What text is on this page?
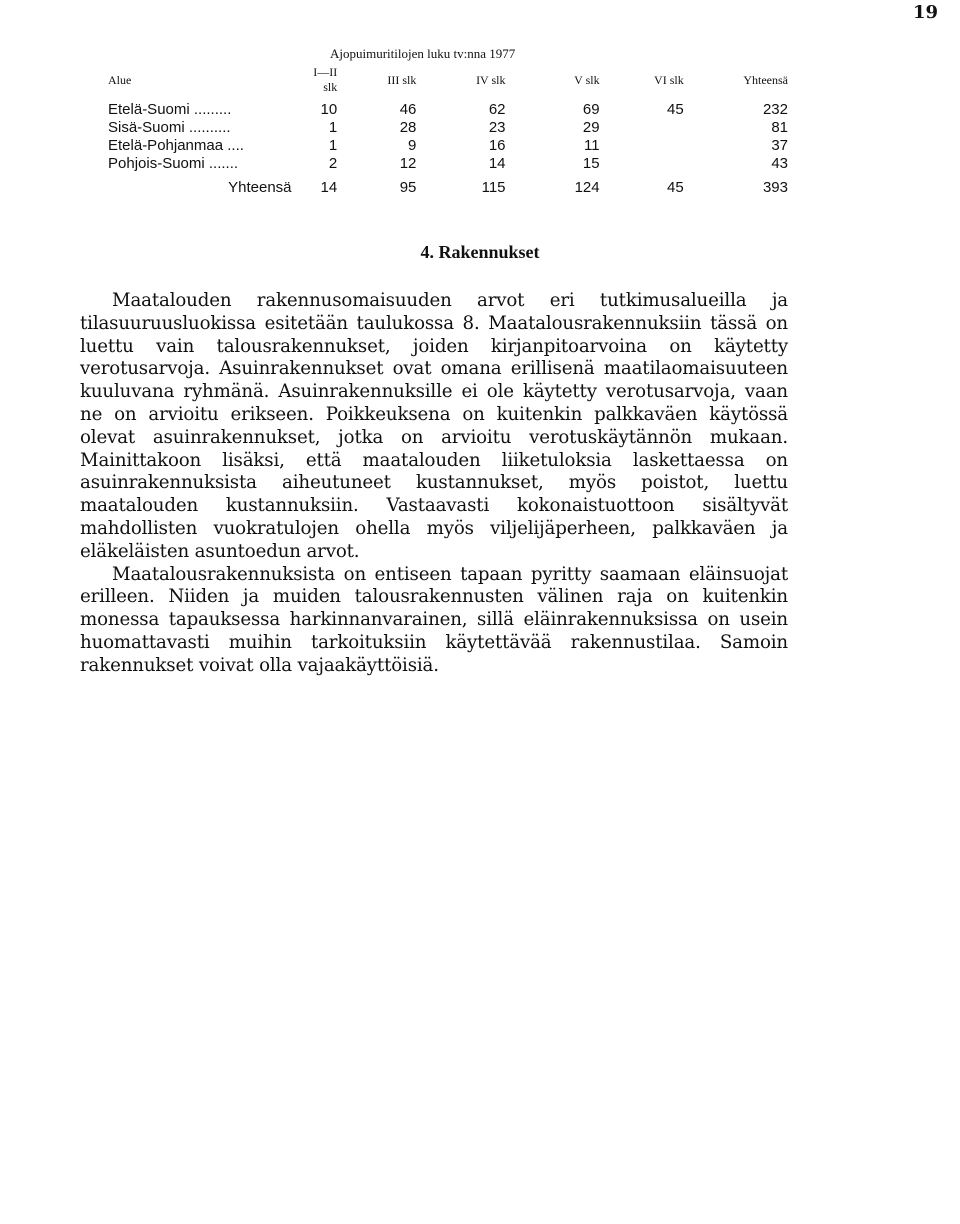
19
Ajopuimuritilojen luku tv:nna 1977
Alue	I—II slk	III slk	IV slk	V slk	VI slk	Yhteensä
Etelä-Suomi .........	10	46	62	69	45	232
Sisä-Suomi ..........	1	28	23	29		81
Etelä-Pohjanmaa ....	1	9	16	11		37
Pohjois-Suomi .......	2	12	14	15		43
Yhteensä	14	95	115	124	45	393
4. Rakennukset

Maatalouden rakennusomaisuuden arvot eri tutkimusalueilla ja tilasuuruusluokissa esitetään taulukossa 8. Maatalousrakennuksiin tässä on luettu vain talousrakennukset, joiden kirjanpitoarvoina on käytetty verotusarvoja. Asuinrakennukset ovat omana erillisenä maatilaomaisuuteen kuuluvana ryhmänä. Asuinrakennuksille ei ole käytetty verotusarvoja, vaan ne on arvioitu erikseen. Poikkeuksena on kuitenkin palkkaväen käytössä olevat asuinrakennukset, jotka on arvioitu verotuskäytännön mukaan. Mainittakoon lisäksi, että maatalouden liiketuloksia laskettaessa on asuinrakennuksista aiheutuneet kustannukset, myös poistot, luettu maatalouden kustannuksiin. Vastaavasti kokonaistuottoon sisältyvät mahdollisten vuokratulojen ohella myös viljelijäperheen, palkkaväen ja eläkeläisten asuntoedun arvot.

Maatalousrakennuksista on entiseen tapaan pyritty saamaan eläinsuojat erilleen. Niiden ja muiden talousrakennusten välinen raja on kuitenkin monessa tapauksessa harkinnanvarainen, sillä eläinrakennuksissa on usein huomattavasti muihin tarkoituksiin käytettävää rakennustilaa. Samoin rakennukset voivat olla vajaakäyttöisiä.
